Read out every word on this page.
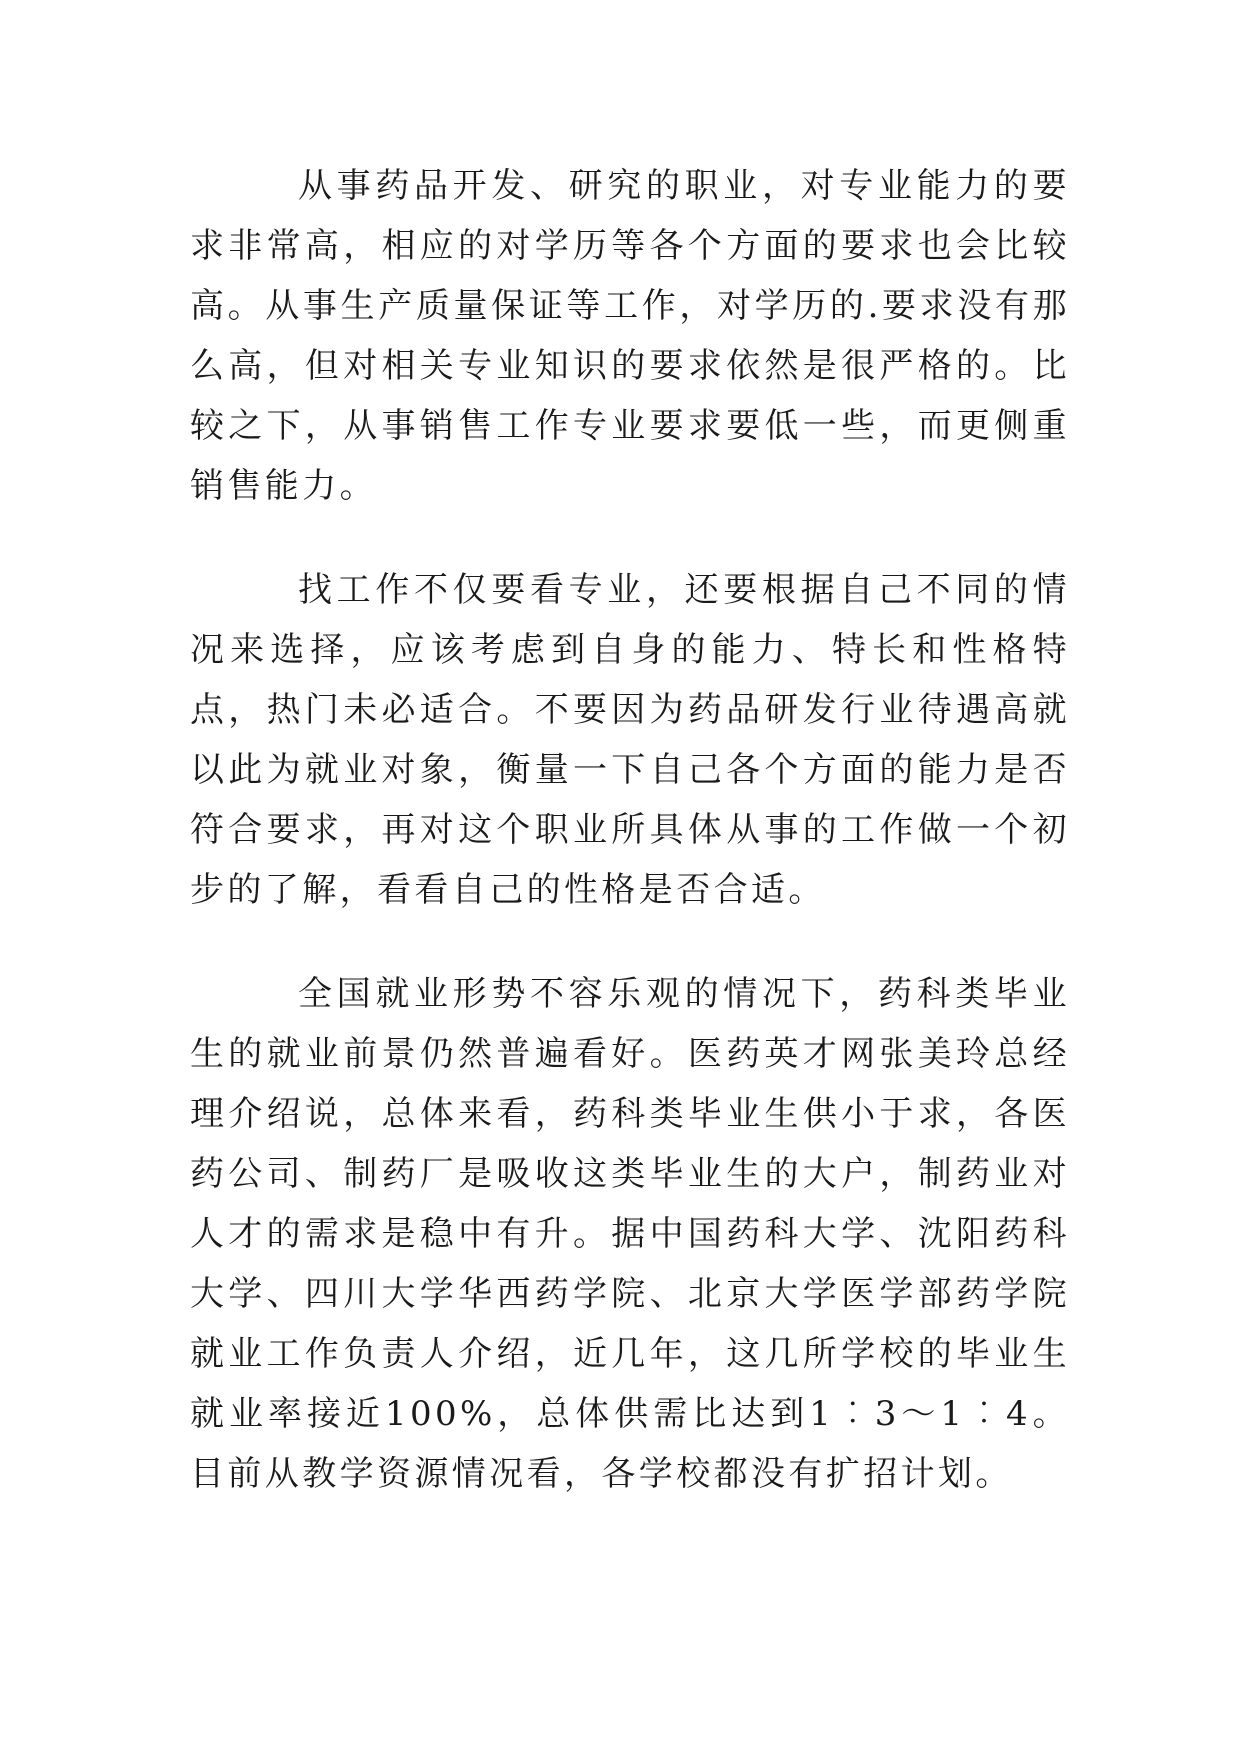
从事药品开发、研究的职业，对专业能力的要求非常高，相应的对学历等各个方面的要求也会比较高。从事生产质量保证等工作，对学历的.要求没有那么高，但对相关专业知识的要求依然是很严格的。比较之下，从事销售工作专业要求要低一些，而更侧重销售能力。

找工作不仅要看专业，还要根据自己不同的情况来选择，应该考虑到自身的能力、特长和性格特点，热门未必适合。不要因为药品研发行业待遇高就以此为就业对象，衡量一下自己各个方面的能力是否符合要求，再对这个职业所具体从事的工作做一个初步的了解，看看自己的性格是否合适。

全国就业形势不容乐观的情况下，药科类毕业生的就业前景仍然普遍看好。医药英才网张美玲总经理介绍说，总体来看，药科类毕业生供小于求，各医药公司、制药厂是吸收这类毕业生的大户，制药业对人才的需求是稳中有升。据中国药科大学、沈阳药科大学、四川大学华西药学院、北京大学医学部药学院就业工作负责人介绍，近几年，这几所学校的毕业生就业率接近100%，总体供需比达到1︰3～1︰4。目前从教学资源情况看，各学校都没有扩招计划。
